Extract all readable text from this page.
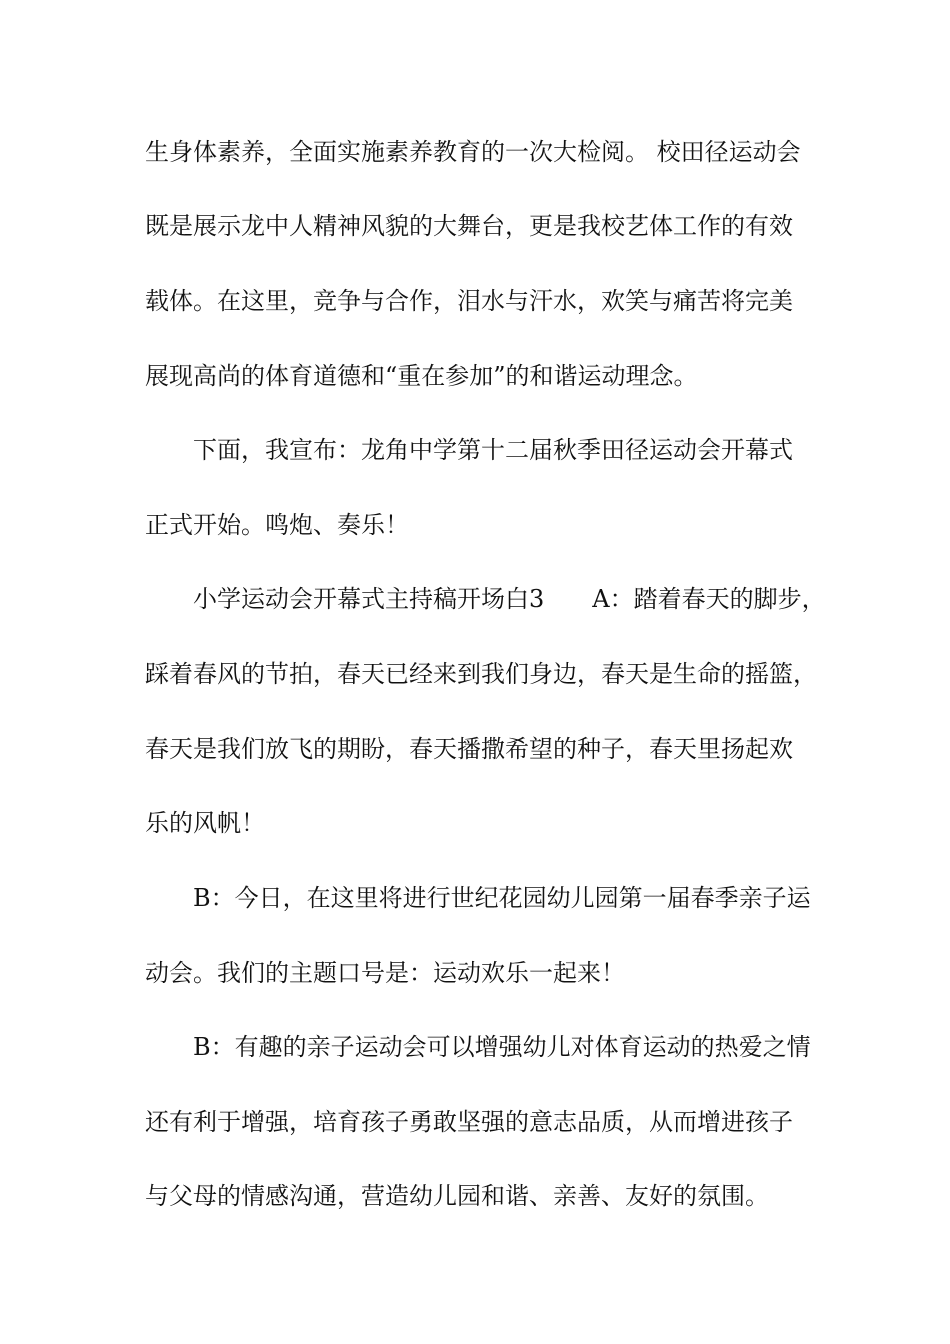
生身体素养，全面实施素养教育的一次大检阅。 校田径运动会
既是展示龙中人精神风貌的大舞台，更是我校艺体工作的有效
载体。在这里，竞争与合作，泪水与汗水，欢笑与痛苦将完美
展现高尚的体育道德和“重在参加”的和谐运动理念。
下面，我宣布：龙角中学第十二届秋季田径运动会开幕式
正式开始。鸣炮、奏乐！
小学运动会开幕式主持稿开场白3　　A：踏着春天的脚步，
踩着春风的节拍，春天已经来到我们身边，春天是生命的摇篮，
春天是我们放飞的期盼，春天播撒希望的种子，春天里扬起欢
乐的风帆！
B：今日，在这里将进行世纪花园幼儿园第一届春季亲子运
动会。我们的主题口号是：运动欢乐一起来！
B：有趣的亲子运动会可以增强幼儿对体育运动的热爱之情
还有利于增强，培育孩子勇敢坚强的意志品质，从而增进孩子
与父母的情感沟通，营造幼儿园和谐、亲善、友好的氛围。
